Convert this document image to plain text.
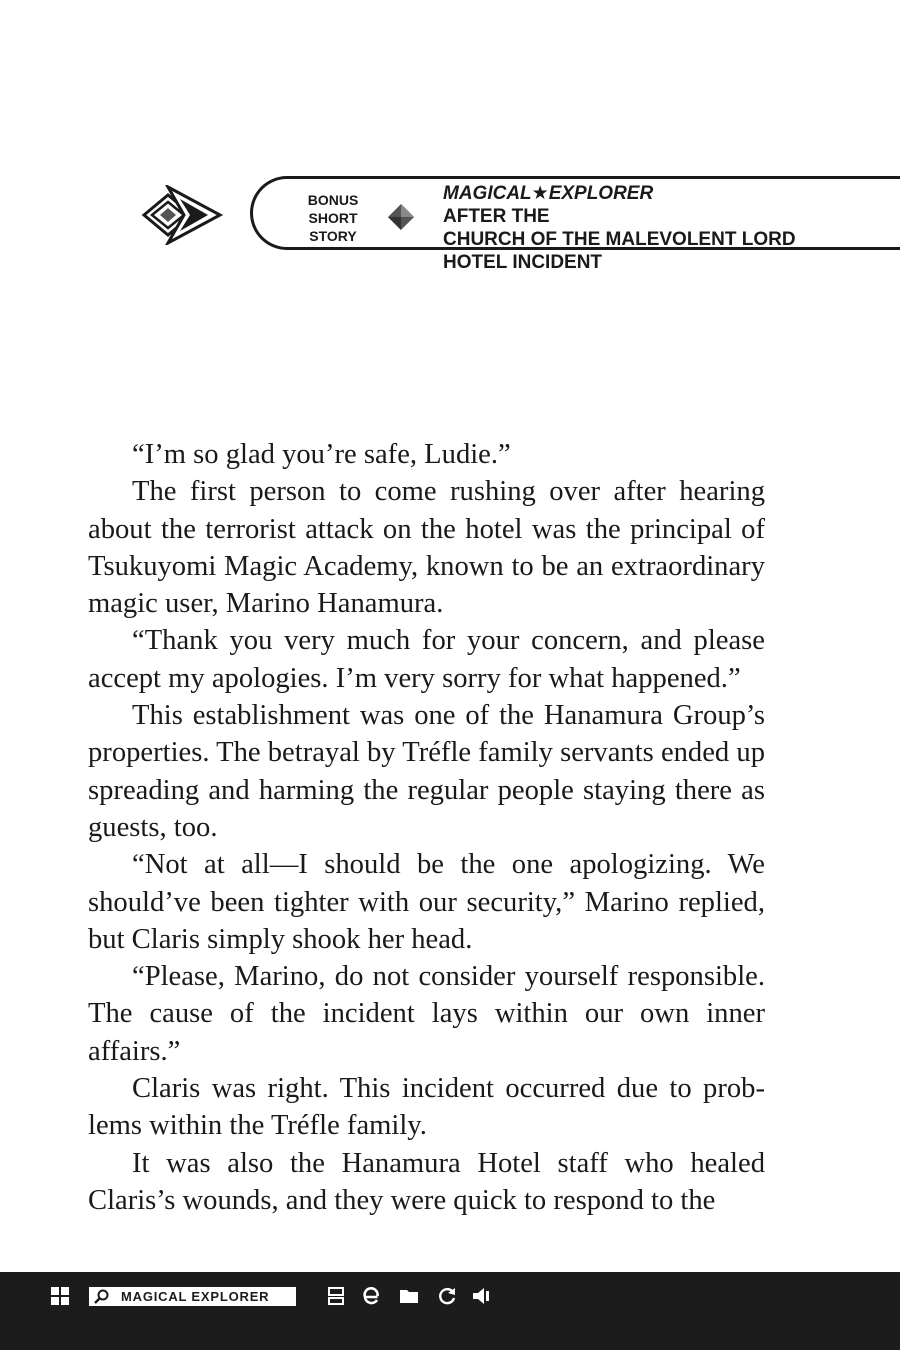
BONUS
SHORT
STORY
MAGICAL★EXPLORER
AFTER THE
CHURCH OF THE MALEVOLENT LORD
HOTEL INCIDENT

“I’m so glad you’re safe, Ludie.”

The first person to come rushing over after hearing about the terrorist attack on the hotel was the principal of Tsukuyomi Magic Academy, known to be an extraordinary magic user, Marino Hanamura.

“Thank you very much for your concern, and please accept my apologies. I’m very sorry for what happened.”

This establishment was one of the Hanamura Group’s properties. The betrayal by Tréfle family servants ended up spreading and harming the regular people staying there as guests, too.

“Not at all—I should be the one apologizing. We should’ve been tighter with our security,” Marino replied, but Claris simply shook her head.

“Please, Marino, do not consider yourself responsible. The cause of the incident lays within our own inner affairs.”

Claris was right. This incident occurred due to problems within the Tréfle family.

It was also the Hanamura Hotel staff who healed Claris’s wounds, and they were quick to respond to the

MAGICAL EXPLORER
